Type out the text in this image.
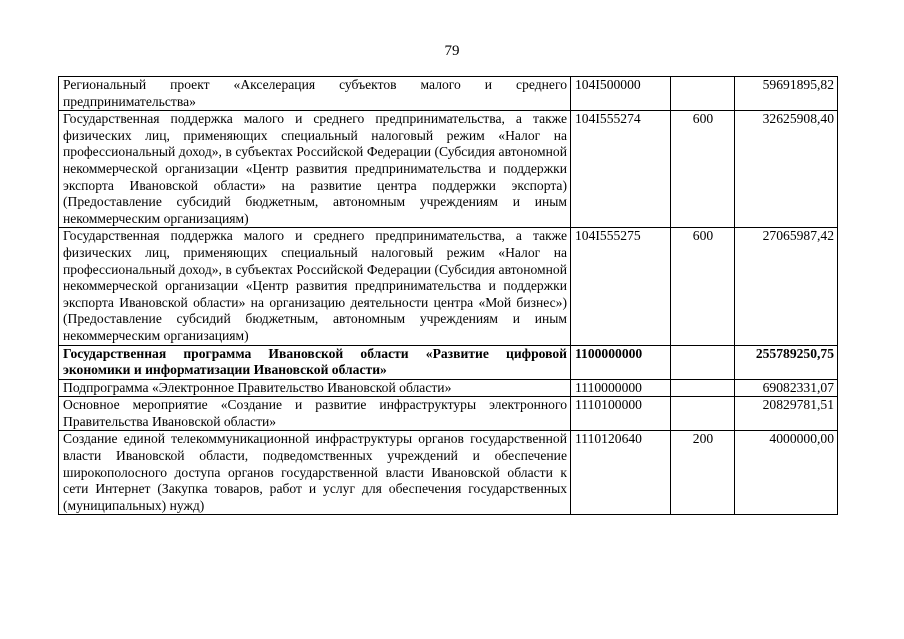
79
Региональный проект «Акселерация субъектов малого и среднего предпринимательства»	104I500000		59691895,82
Государственная поддержка малого и среднего предпринимательства, а также физических лиц, применяющих специальный налоговый режим «Налог на профессиональный доход», в субъектах Российской Федерации (Субсидия автономной некоммерческой организации «Центр развития предпринимательства и поддержки экспорта Ивановской области» на развитие центра поддержки экспорта) (Предоставление субсидий бюджетным, автономным учреждениям и иным некоммерческим организациям)	104I555274	600	32625908,40
Государственная поддержка малого и среднего предпринимательства, а также физических лиц, применяющих специальный налоговый режим «Налог на профессиональный доход», в субъектах Российской Федерации (Субсидия автономной некоммерческой организации «Центр развития предпринимательства и поддержки экспорта Ивановской области» на организацию деятельности центра «Мой бизнес») (Предоставление субсидий бюджетным, автономным учреждениям и иным некоммерческим организациям)	104I555275	600	27065987,42
Государственная программа Ивановской области «Развитие цифровой экономики и информатизации Ивановской области»	1100000000		255789250,75
Подпрограмма «Электронное Правительство Ивановской области»	1110000000		69082331,07
Основное мероприятие «Создание и развитие инфраструктуры электронного Правительства Ивановской области»	1110100000		20829781,51
Создание единой телекоммуникационной инфраструктуры органов государственной власти Ивановской области, подведомственных учреждений и обеспечение широкополосного доступа органов государственной власти Ивановской области к сети Интернет (Закупка товаров, работ и услуг для обеспечения государственных (муниципальных) нужд)	1110120640	200	4000000,00
